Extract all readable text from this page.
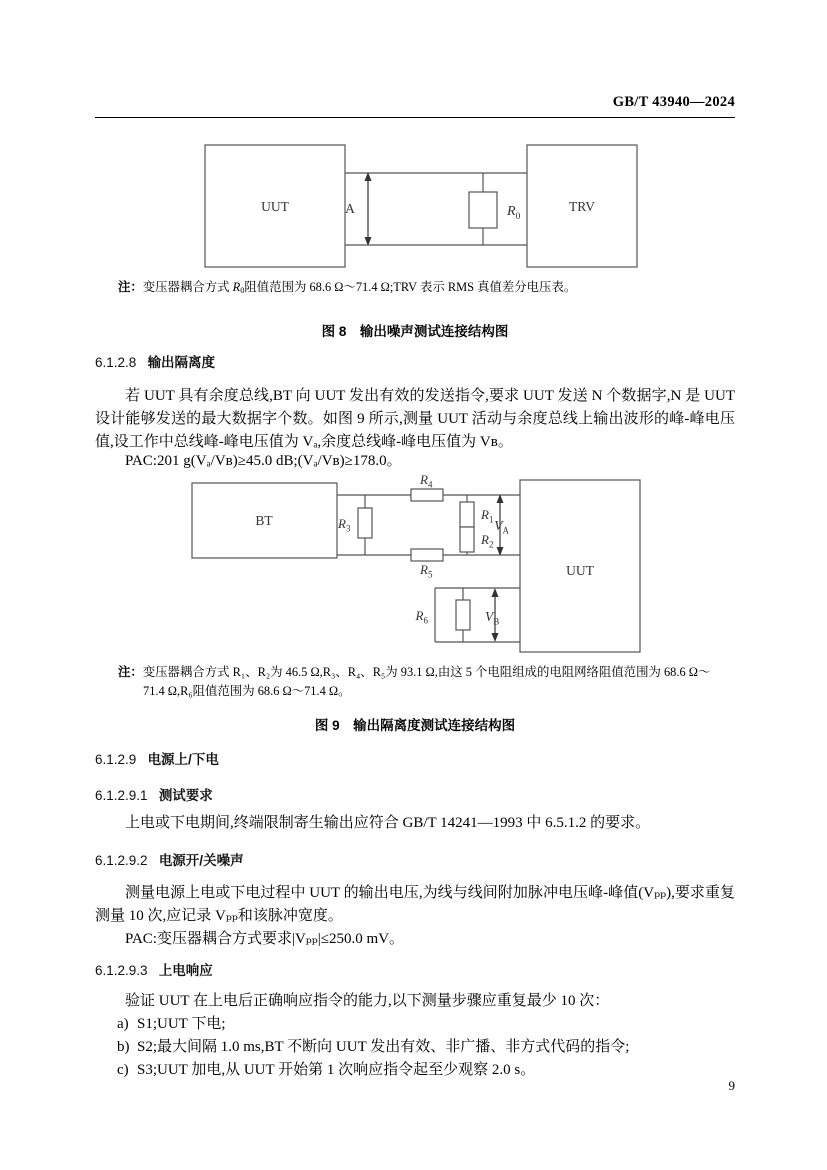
GB/T 43940—2024
UUT	TRV
A	$R_0$
注：变压器耦合方式 $R_0$阻值范围为 68.6 Ω～71.4 Ω;TRV 表示 RMS 真值差分电压表。
图 8　输出噪声测试连接结构图
6.1.2.8 输出隔离度
若 UUT 具有余度总线,BT 向 UUT 发出有效的发送指令,要求 UUT 发送 N 个数据字,N 是 UUT 设计能够发送的最大数据字个数。如图 9 所示,测量 UUT 活动与余度总线上输出波形的峰-峰电压值,设工作中总线峰-峰电压值为 Vₐ,余度总线峰-峰电压值为 Vʙ。
PAC:201 g(Vₐ/Vʙ)≥45.0 dB;(Vₐ/Vʙ)≥178.0。
BT
UUT
$R_3$
$R_4$
$R_5$
$R_1$
$R_2$
$R_6$
$V_A$
$V_B$
注：变压器耦合方式 R₁、R₂为 46.5 Ω,R₃、R₄、R₅为 93.1 Ω,由这 5 个电阻组成的电阻网络阻值范围为 68.6 Ω～
71.4 Ω,R₆阻值范围为 68.6 Ω～71.4 Ω。
图 9　输出隔离度测试连接结构图
6.1.2.9 电源上/下电
6.1.2.9.1 测试要求
上电或下电期间,终端限制寄生输出应符合 GB/T 14241—1993 中 6.5.1.2 的要求。
6.1.2.9.2 电源开/关噪声
测量电源上电或下电过程中 UUT 的输出电压,为线与线间附加脉冲电压峰-峰值(Vₚₚ),要求重复测量 10 次,应记录 Vₚₚ和该脉冲宽度。
PAC:变压器耦合方式要求|Vₚₚ|≤250.0 mV。
6.1.2.9.3 上电响应
验证 UUT 在上电后正确响应指令的能力,以下测量步骤应重复最少 10 次：
a) S1;UUT 下电;
b) S2;最大间隔 1.0 ms,BT 不断向 UUT 发出有效、非广播、非方式代码的指令;
c) S3;UUT 加电,从 UUT 开始第 1 次响应指令起至少观察 2.0 s。
9
